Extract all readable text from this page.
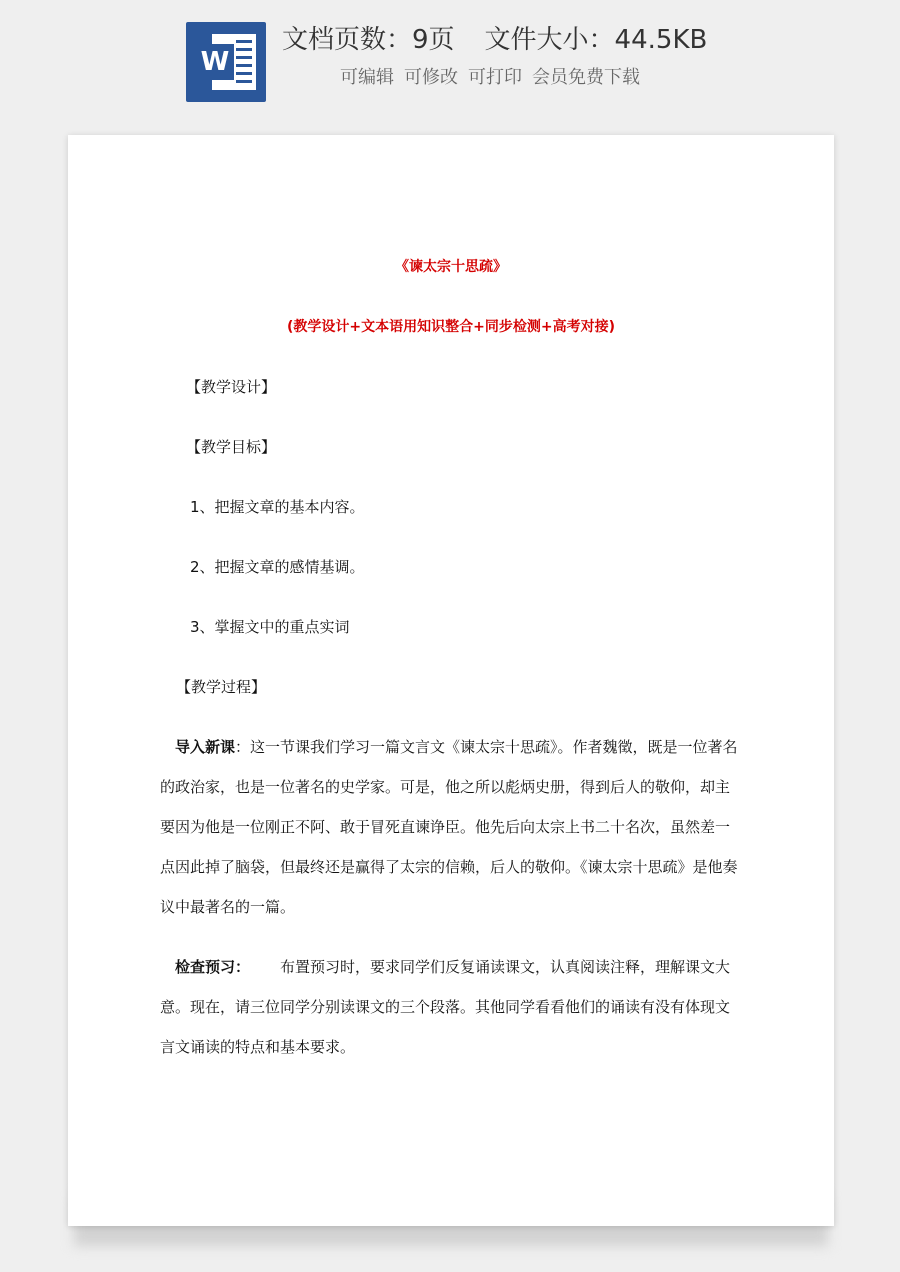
W
文档页数：9页 文件大小：44.5KB
可编辑 可修改 可打印 会员免费下载
《谏太宗十思疏》
(教学设计+文本语用知识整合+同步检测+高考对接)
【教学设计】
【教学目标】
1、把握文章的基本内容。
2、把握文章的感情基调。
3、掌握文中的重点实词
【教学过程】
导入新课：这一节课我们学习一篇文言文《谏太宗十思疏》。作者魏徵，既是一位著名的政治家，也是一位著名的史学家。可是，他之所以彪炳史册，得到后人的敬仰，却主要因为他是一位刚正不阿、敢于冒死直谏诤臣。他先后向太宗上书二十名次，虽然差一点因此掉了脑袋，但最终还是赢得了太宗的信赖，后人的敬仰。《谏太宗十思疏》是他奏议中最著名的一篇。
检查预习： 布置预习时，要求同学们反复诵读课文，认真阅读注释，理解课文大意。现在，请三位同学分别读课文的三个段落。其他同学看看他们的诵读有没有体现文言文诵读的特点和基本要求。
